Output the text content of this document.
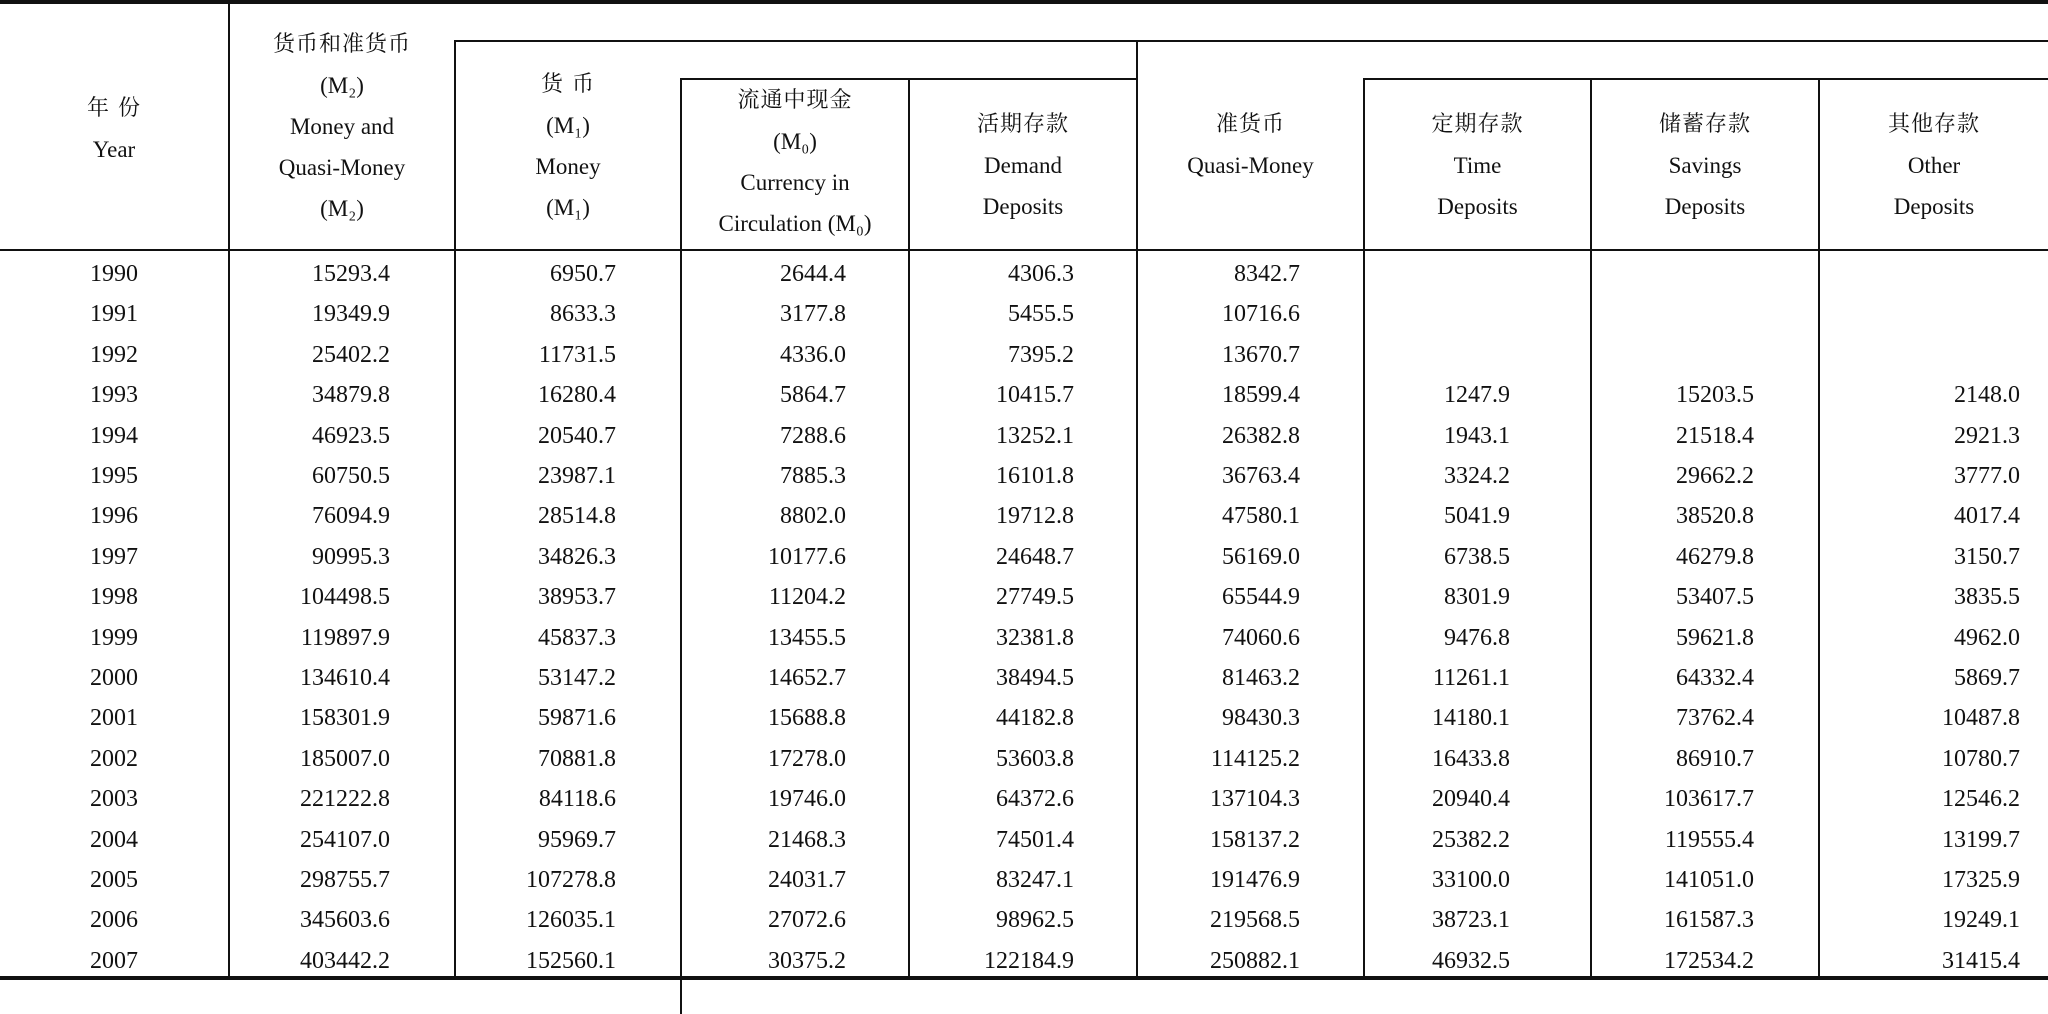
年 份
Year
货币和准货币
(M₂)
Money and
Quasi-Money
(M₂)
货 币
(M₁)
Money
(M₁)
流通中现金
(M₀)
Currency in
Circulation (M₀)
活期存款
Demand
Deposits
准货币
Quasi-Money
定期存款
Time
Deposits
储蓄存款
Savings
Deposits
其他存款
Other
Deposits
1990	15293.4	6950.7	2644.4	4306.3	8342.7
1991	19349.9	8633.3	3177.8	5455.5	10716.6
1992	25402.2	11731.5	4336.0	7395.2	13670.7
1993	34879.8	16280.4	5864.7	10415.7	18599.4	1247.9	15203.5	2148.0
1994	46923.5	20540.7	7288.6	13252.1	26382.8	1943.1	21518.4	2921.3
1995	60750.5	23987.1	7885.3	16101.8	36763.4	3324.2	29662.2	3777.0
1996	76094.9	28514.8	8802.0	19712.8	47580.1	5041.9	38520.8	4017.4
1997	90995.3	34826.3	10177.6	24648.7	56169.0	6738.5	46279.8	3150.7
1998	104498.5	38953.7	11204.2	27749.5	65544.9	8301.9	53407.5	3835.5
1999	119897.9	45837.3	13455.5	32381.8	74060.6	9476.8	59621.8	4962.0
2000	134610.4	53147.2	14652.7	38494.5	81463.2	11261.1	64332.4	5869.7
2001	158301.9	59871.6	15688.8	44182.8	98430.3	14180.1	73762.4	10487.8
2002	185007.0	70881.8	17278.0	53603.8	114125.2	16433.8	86910.7	10780.7
2003	221222.8	84118.6	19746.0	64372.6	137104.3	20940.4	103617.7	12546.2
2004	254107.0	95969.7	21468.3	74501.4	158137.2	25382.2	119555.4	13199.7
2005	298755.7	107278.8	24031.7	83247.1	191476.9	33100.0	141051.0	17325.9
2006	345603.6	126035.1	27072.6	98962.5	219568.5	38723.1	161587.3	19249.1
2007	403442.2	152560.1	30375.2	122184.9	250882.1	46932.5	172534.2	31415.4
